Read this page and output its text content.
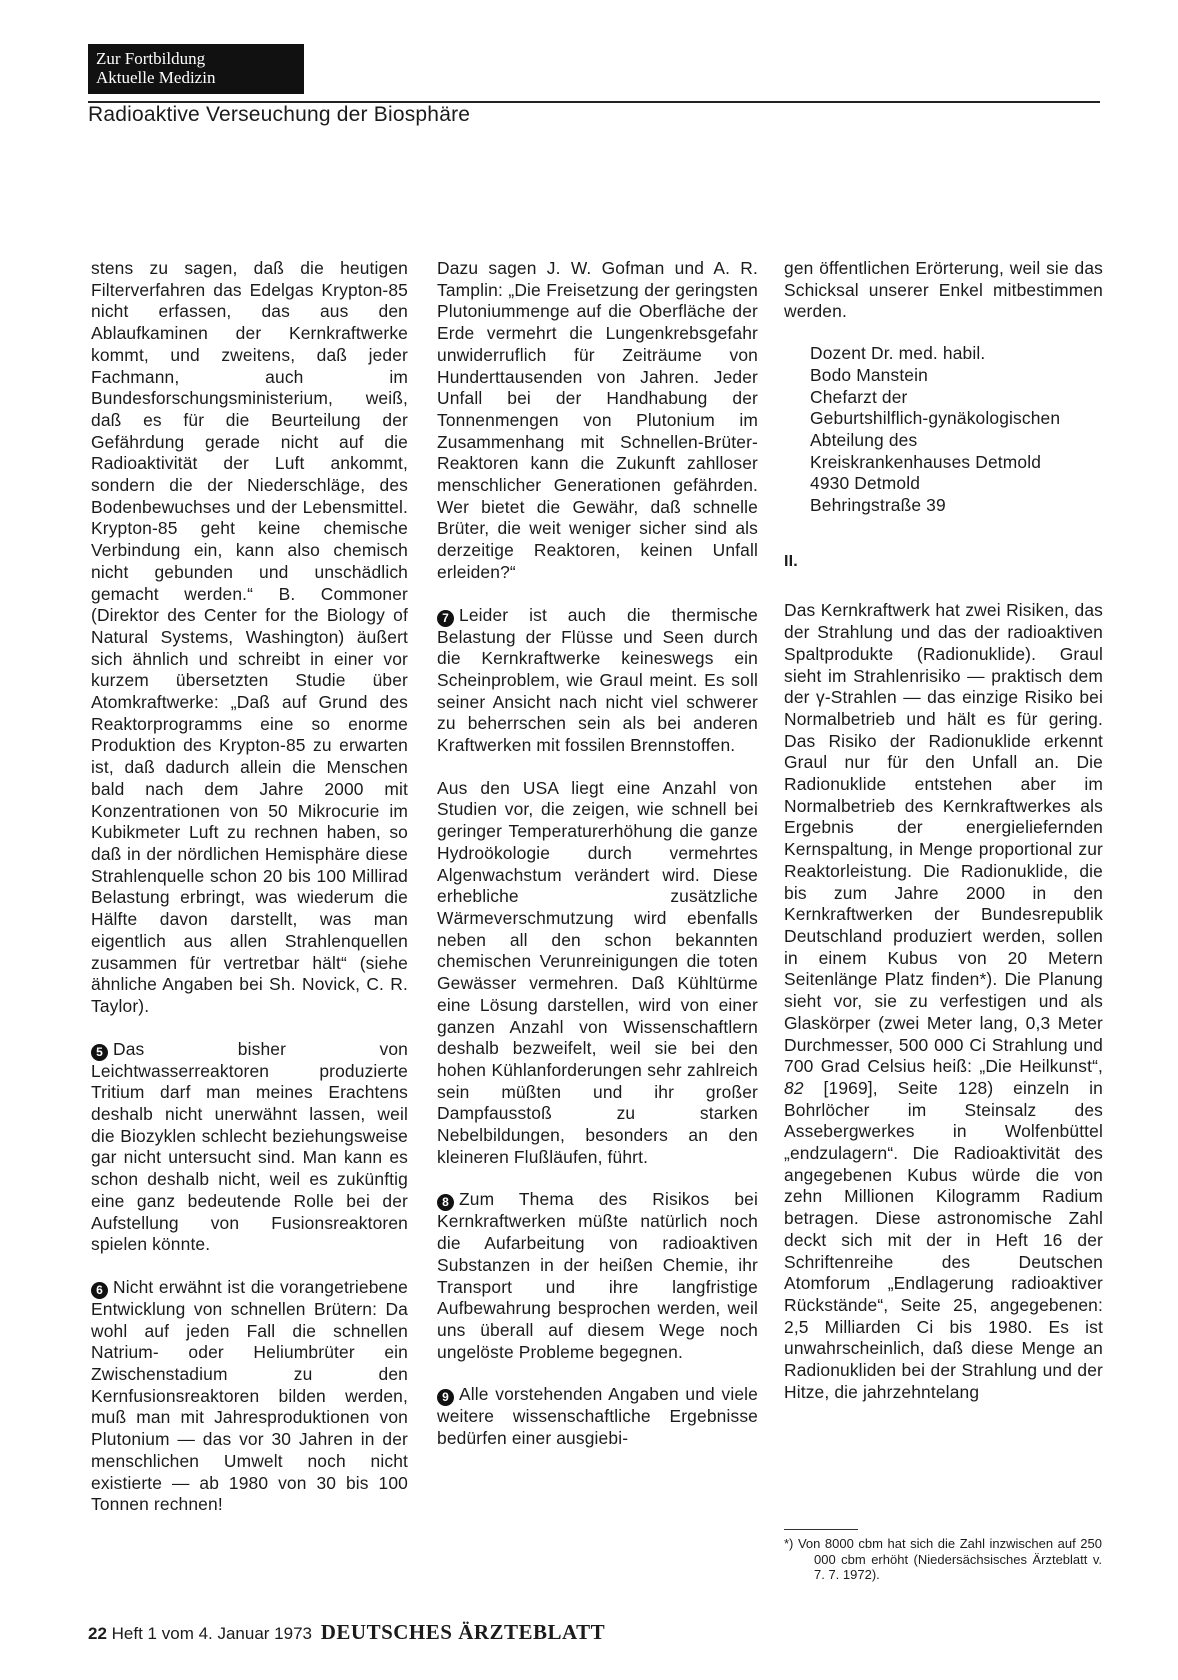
Zur Fortbildung
Aktuelle Medizin
Radioaktive Verseuchung der Biosphäre

stens zu sagen, daß die heutigen Filterverfahren das Edelgas Krypton-85 nicht erfassen, das aus den Ablaufkaminen der Kernkraftwerke kommt, und zweitens, daß jeder Fachmann, auch im Bundesforschungsministerium, weiß, daß es für die Beurteilung der Gefährdung gerade nicht auf die Radioaktivität der Luft ankommt, sondern die der Niederschläge, des Bodenbewuchses und der Lebensmittel. Krypton-85 geht keine chemische Verbindung ein, kann also chemisch nicht gebunden und unschädlich gemacht werden.“ B. Commoner (Direktor des Center for the Biology of Natural Systems, Washington) äußert sich ähnlich und schreibt in einer vor kurzem übersetzten Studie über Atomkraftwerke: „Daß auf Grund des Reaktorprogramms eine so enorme Produktion des Krypton-85 zu erwarten ist, daß dadurch allein die Menschen bald nach dem Jahre 2000 mit Konzentrationen von 50 Mikrocurie im Kubikmeter Luft zu rechnen haben, so daß in der nördlichen Hemisphäre diese Strahlenquelle schon 20 bis 100 Millirad Belastung erbringt, was wiederum die Hälfte davon darstellt, was man eigentlich aus allen Strahlenquellen zusammen für vertretbar hält“ (siehe ähnliche Angaben bei Sh. Novick, C. R. Taylor).

5 Das bisher von Leichtwasserreaktoren produzierte Tritium darf man meines Erachtens deshalb nicht unerwähnt lassen, weil die Biozyklen schlecht beziehungsweise gar nicht untersucht sind. Man kann es schon deshalb nicht, weil es zukünftig eine ganz bedeutende Rolle bei der Aufstellung von Fusionsreaktoren spielen könnte.

6 Nicht erwähnt ist die vorangetriebene Entwicklung von schnellen Brütern: Da wohl auf jeden Fall die schnellen Natrium- oder Heliumbrüter ein Zwischenstadium zu den Kernfusionsreaktoren bilden werden, muß man mit Jahresproduktionen von Plutonium — das vor 30 Jahren in der menschlichen Umwelt noch nicht existierte — ab 1980 von 30 bis 100 Tonnen rechnen!

Dazu sagen J. W. Gofman und A. R. Tamplin: „Die Freisetzung der geringsten Plutoniummenge auf die Oberfläche der Erde vermehrt die Lungenkrebsgefahr unwiderruflich für Zeiträume von Hunderttausenden von Jahren. Jeder Unfall bei der Handhabung der Tonnenmengen von Plutonium im Zusammenhang mit Schnellen-Brüter-Reaktoren kann die Zukunft zahlloser menschlicher Generationen gefährden. Wer bietet die Gewähr, daß schnelle Brüter, die weit weniger sicher sind als derzeitige Reaktoren, keinen Unfall erleiden?“

7 Leider ist auch die thermische Belastung der Flüsse und Seen durch die Kernkraftwerke keineswegs ein Scheinproblem, wie Graul meint. Es soll seiner Ansicht nach nicht viel schwerer zu beherrschen sein als bei anderen Kraftwerken mit fossilen Brennstoffen.

Aus den USA liegt eine Anzahl von Studien vor, die zeigen, wie schnell bei geringer Temperaturerhöhung die ganze Hydroökologie durch vermehrtes Algenwachstum verändert wird. Diese erhebliche zusätzliche Wärmeverschmutzung wird ebenfalls neben all den schon bekannten chemischen Verunreinigungen die toten Gewässer vermehren. Daß Kühltürme eine Lösung darstellen, wird von einer ganzen Anzahl von Wissenschaftlern deshalb bezweifelt, weil sie bei den hohen Kühlanforderungen sehr zahlreich sein müßten und ihr großer Dampfausstoß zu starken Nebelbildungen, besonders an den kleineren Flußläufen, führt.

8 Zum Thema des Risikos bei Kernkraftwerken müßte natürlich noch die Aufarbeitung von radioaktiven Substanzen in der heißen Chemie, ihr Transport und ihre langfristige Aufbewahrung besprochen werden, weil uns überall auf diesem Wege noch ungelöste Probleme begegnen.

9 Alle vorstehenden Angaben und viele weitere wissenschaftliche Ergebnisse bedürfen einer ausgiebi-

gen öffentlichen Erörterung, weil sie das Schicksal unserer Enkel mitbestimmen werden.

Dozent Dr. med. habil.
Bodo Manstein
Chefarzt der
Geburtshilflich-gynäkologischen
Abteilung des
Kreiskrankenhauses Detmold
4930 Detmold
Behringstraße 39
II.

Das Kernkraftwerk hat zwei Risiken, das der Strahlung und das der radioaktiven Spaltprodukte (Radionuklide). Graul sieht im Strahlenrisiko — praktisch dem der γ-Strahlen — das einzige Risiko bei Normalbetrieb und hält es für gering. Das Risiko der Radionuklide erkennt Graul nur für den Unfall an. Die Radionuklide entstehen aber im Normalbetrieb des Kernkraftwerkes als Ergebnis der energieliefernden Kernspaltung, in Menge proportional zur Reaktorleistung. Die Radionuklide, die bis zum Jahre 2000 in den Kernkraftwerken der Bundesrepublik Deutschland produziert werden, sollen in einem Kubus von 20 Metern Seitenlänge Platz finden*). Die Planung sieht vor, sie zu verfestigen und als Glaskörper (zwei Meter lang, 0,3 Meter Durchmesser, 500 000 Ci Strahlung und 700 Grad Celsius heiß: „Die Heilkunst“, 82 [1969], Seite 128) einzeln in Bohrlöcher im Steinsalz des Assebergwerkes in Wolfenbüttel „endzulagern“. Die Radioaktivität des angegebenen Kubus würde die von zehn Millionen Kilogramm Radium betragen. Diese astronomische Zahl deckt sich mit der in Heft 16 der Schriftenreihe des Deutschen Atomforum „Endlagerung radioaktiver Rückstände“, Seite 25, angegebenen: 2,5 Milliarden Ci bis 1980. Es ist unwahrscheinlich, daß diese Menge an Radionukliden bei der Strahlung und der Hitze, die jahrzehntelang

*) Von 8000 cbm hat sich die Zahl inzwischen auf 250 000 cbm erhöht (Niedersächsisches Ärzteblatt v. 7. 7. 1972).
22 Heft 1 vom 4. Januar 1973 DEUTSCHES ÄRZTEBLATT
